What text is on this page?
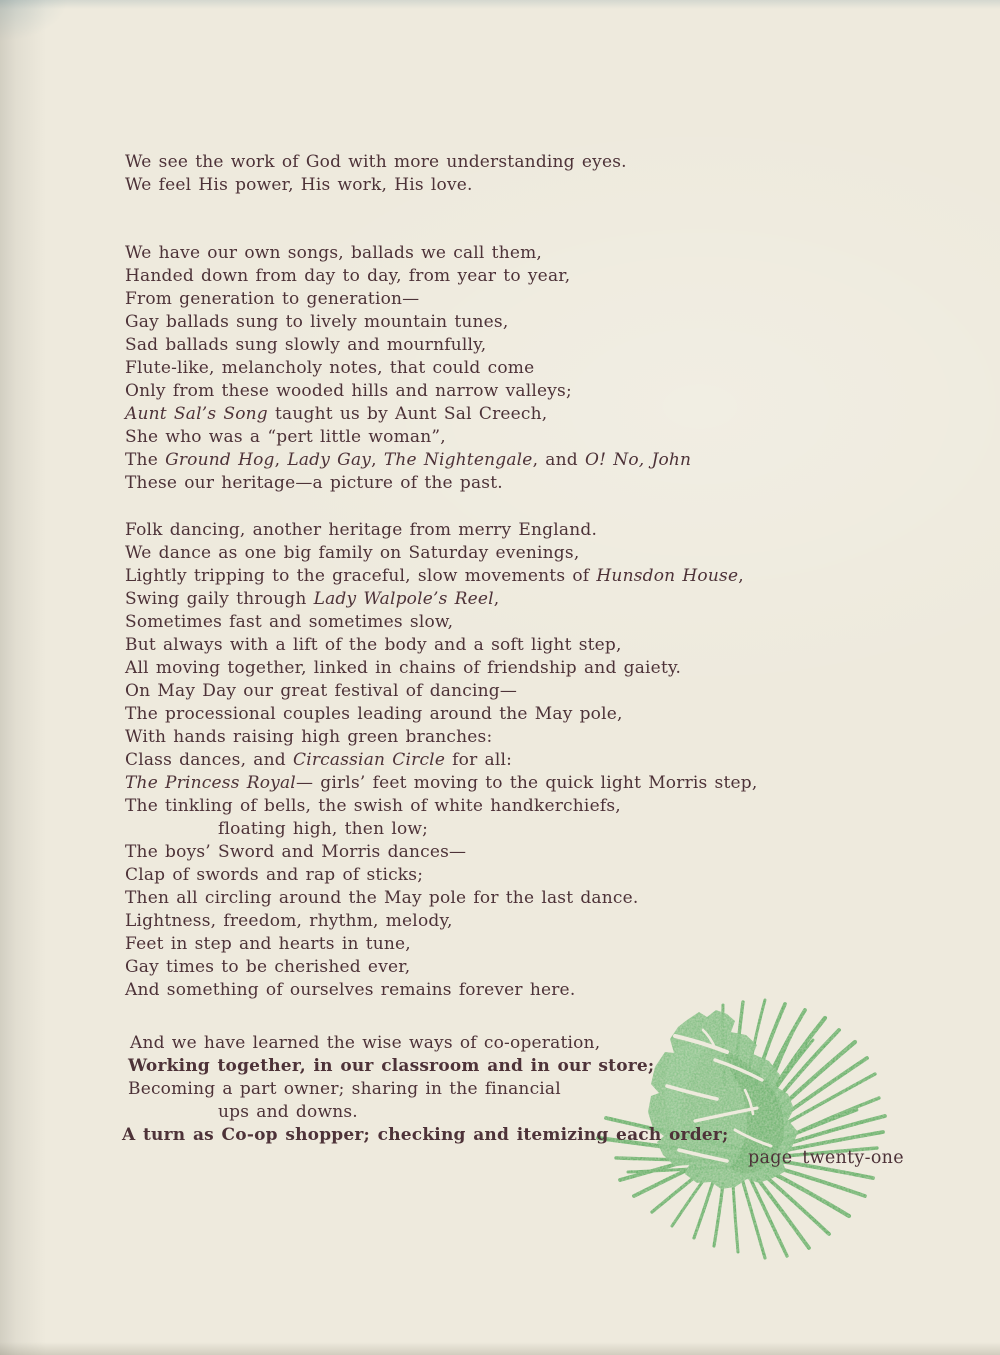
We see the work of God with more understanding eyes.
We feel His power, His work, His love.
We have our own songs, ballads we call them,
Handed down from day to day, from year to year,
From generation to generation—
Gay ballads sung to lively mountain tunes,
Sad ballads sung slowly and mournfully,
Flute-like, melancholy notes, that could come
Only from these wooded hills and narrow valleys;
Aunt Sal’s Song taught us by Aunt Sal Creech,
She who was a “pert little woman”,
The Ground Hog, Lady Gay, The Nightengale, and O! No, John
These our heritage—a picture of the past.
Folk dancing, another heritage from merry England.
We dance as one big family on Saturday evenings,
Lightly tripping to the graceful, slow movements of Hunsdon House,
Swing gaily through Lady Walpole’s Reel,
Sometimes fast and sometimes slow,
But always with a lift of the body and a soft light step,
All moving together, linked in chains of friendship and gaiety.
On May Day our great festival of dancing—
The processional couples leading around the May pole,
With hands raising high green branches:
Class dances, and Circassian Circle for all:
The Princess Royal— girls’ feet moving to the quick light Morris step,
The tinkling of bells, the swish of white handkerchiefs,
floating high, then low;
The boys’ Sword and Morris dances—
Clap of swords and rap of sticks;
Then all circling around the May pole for the last dance.
Lightness, freedom, rhythm, melody,
Feet in step and hearts in tune,
Gay times to be cherished ever,
And something of ourselves remains forever here.
And we have learned the wise ways of co-operation,
Working together, in our classroom and in our store;
Becoming a part owner; sharing in the financial
ups and downs.
A turn as Co-op shopper; checking and itemizing each order;
page twenty-one
